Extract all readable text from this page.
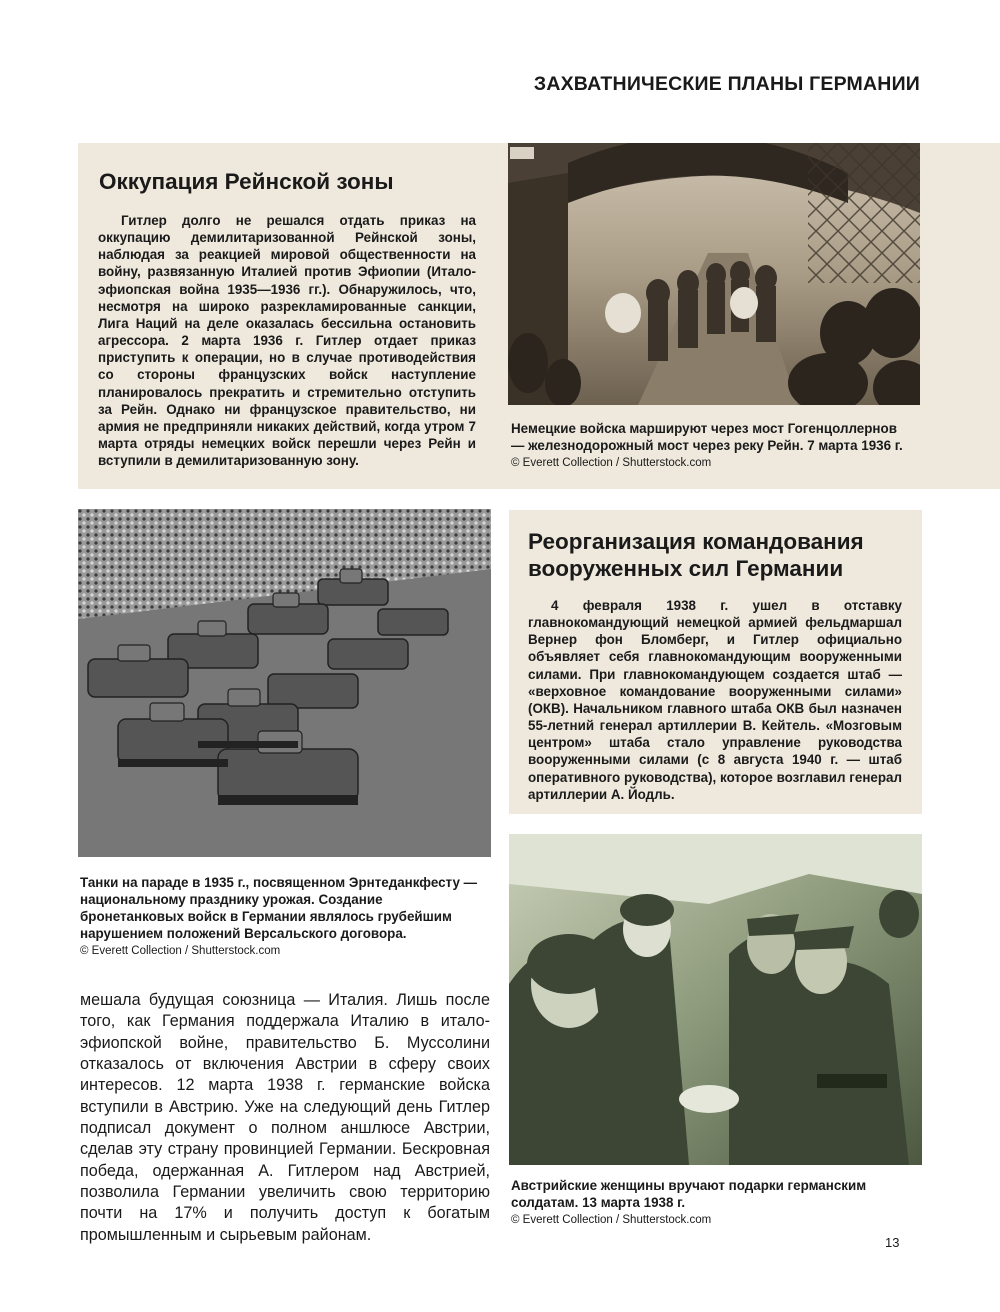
ЗАХВАТНИЧЕСКИЕ ПЛАНЫ ГЕРМАНИИ
Оккупация Рейнской зоны
Гитлер долго не решался отдать приказ на оккупацию демилитаризованной Рейнской зоны, наблюдая за реакцией мировой общественности на войну, развязанную Италией против Эфиопии (Итало-эфиопская война 1935—1936 гг.). Обнаружилось, что, несмотря на широко разрекламированные санкции, Лига Наций на деле оказалась бессильна остановить агрессора. 2 марта 1936 г. Гитлер отдает приказ приступить к операции, но в случае противодействия со стороны французских войск наступление планировалось прекратить и стремительно отступить за Рейн. Однако ни французское правительство, ни армия не предприняли никаких действий, когда утром 7 марта отряды немецких войск перешли через Рейн и вступили в демилитаризованную зону.
Немецкие войска маршируют через мост Гогенцоллернов — железнодорожный мост через реку Рейн. 7 марта 1936 г.
© Everett Collection / Shutterstock.com
Танки на параде в 1935 г., посвященном Эрнтеданкфесту — национальному празднику урожая. Создание бронетанковых войск в Германии являлось грубейшим нарушением положений Версальского договора.
© Everett Collection / Shutterstock.com
Реорганизация командования вооруженных сил Германии
4 февраля 1938 г. ушел в отставку главнокомандующий немецкой армией фельдмаршал Вернер фон Бломберг, и Гитлер официально объявляет себя главнокомандующим вооруженными силами. При главнокомандующем создается штаб — «верховное командование вооруженными силами» (ОКВ). Начальником главного штаба ОКВ был назначен 55-летний генерал артиллерии В. Кейтель. «Мозговым центром» штаба стало управление руководства вооруженными силами (с 8 августа 1940 г. — штаб оперативного руководства), которое возглавил генерал артиллерии А. Йодль.
Австрийские женщины вручают подарки германским солдатам. 13 марта 1938 г.
© Everett Collection / Shutterstock.com
мешала будущая союзница — Италия. Лишь после того, как Германия поддержала Италию в итало-эфиопской войне, правительство Б. Муссолини отказалось от включения Австрии в сферу своих интересов. 12 марта 1938 г. германские войска вступили в Австрию. Уже на следующий день Гитлер подписал документ о полном аншлюсе Австрии, сделав эту страну провинцией Германии. Бескровная победа, одержанная А. Гитлером над Австрией, позволила Германии увеличить свою территорию почти на 17% и получить доступ к богатым промышленным и сырьевым районам.	13
